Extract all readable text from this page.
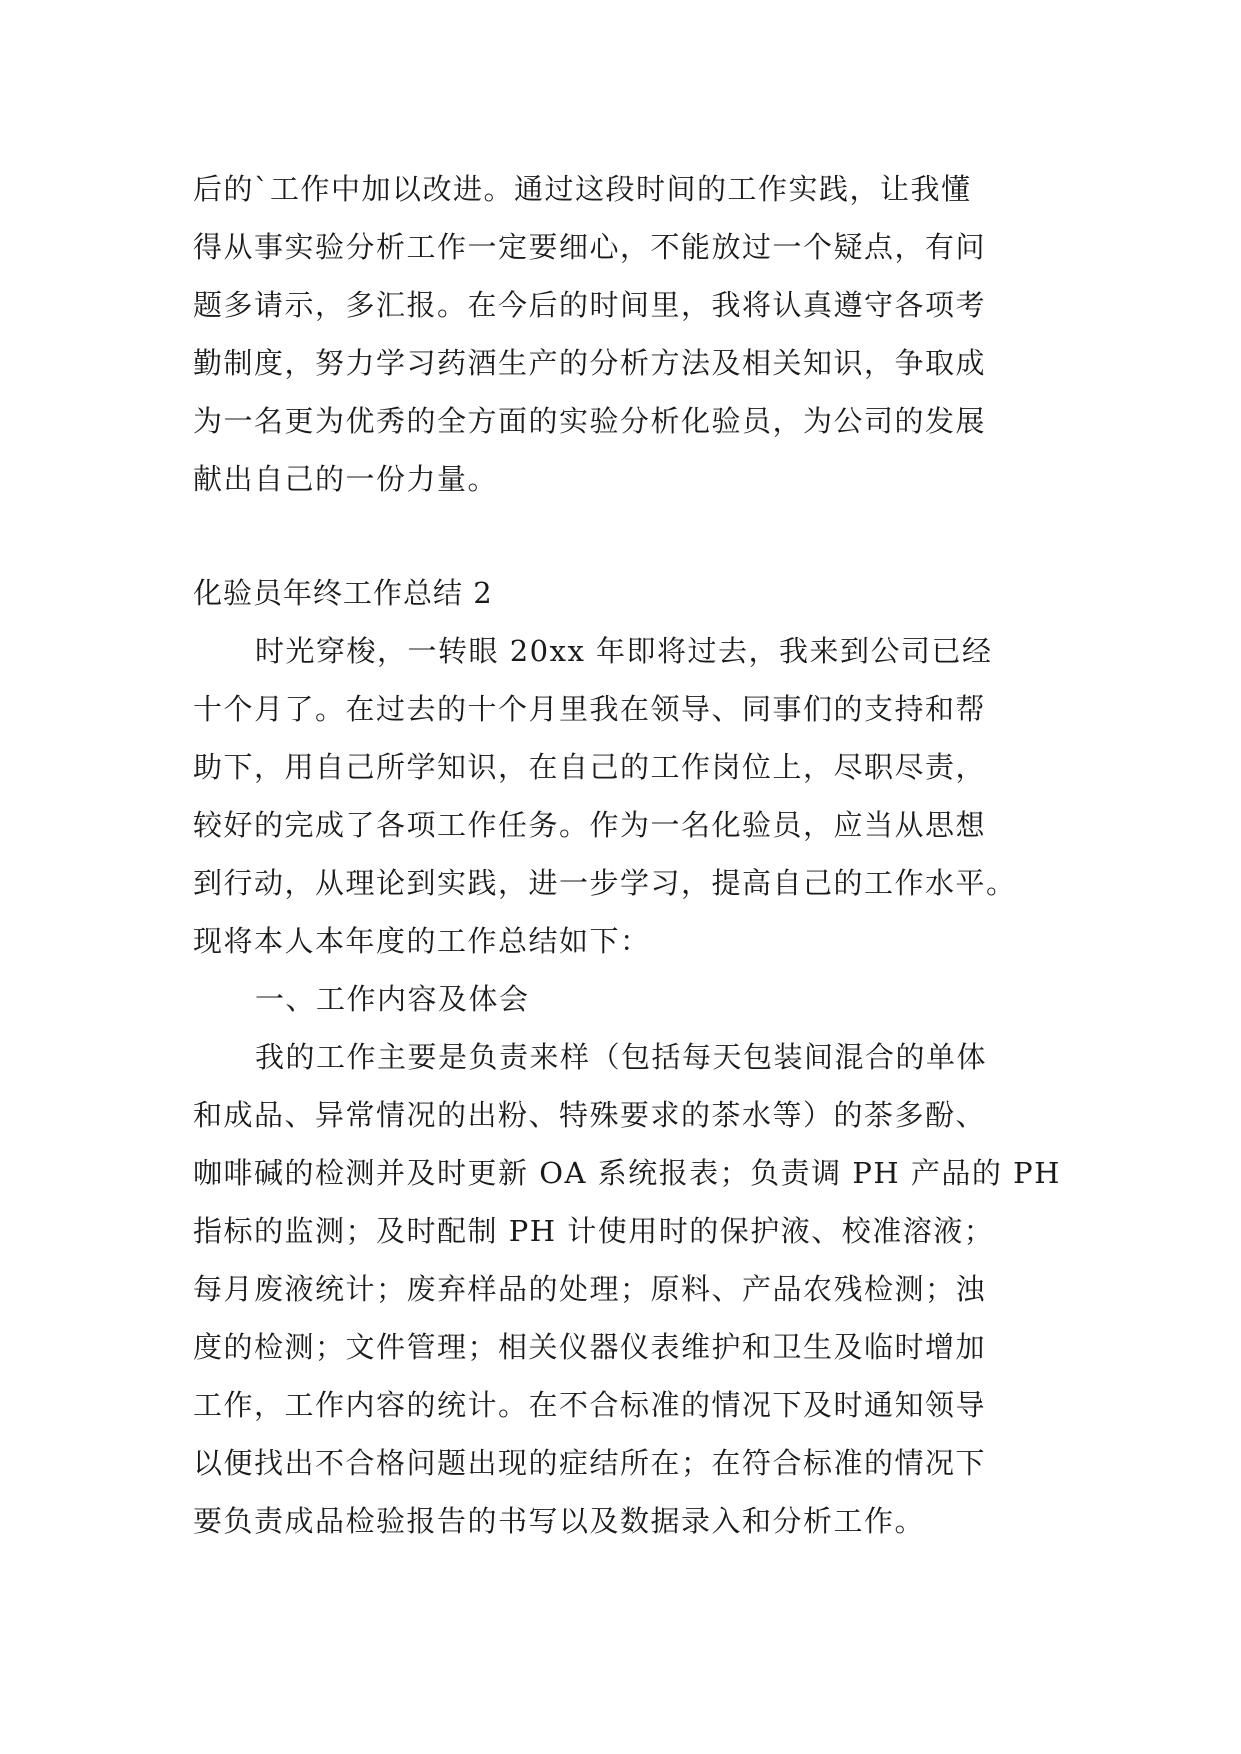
后的`工作中加以改进。通过这段时间的工作实践，让我懂
得从事实验分析工作一定要细心，不能放过一个疑点，有问
题多请示，多汇报。在今后的时间里，我将认真遵守各项考
勤制度，努力学习药酒生产的分析方法及相关知识，争取成
为一名更为优秀的全方面的实验分析化验员，为公司的发展
献出自己的一份力量。
化验员年终工作总结 2
时光穿梭，一转眼 20xx 年即将过去，我来到公司已经
十个月了。在过去的十个月里我在领导、同事们的支持和帮
助下，用自己所学知识，在自己的工作岗位上，尽职尽责，
较好的完成了各项工作任务。作为一名化验员，应当从思想
到行动，从理论到实践，进一步学习，提高自己的工作水平。
现将本人本年度的工作总结如下：
一、工作内容及体会
我的工作主要是负责来样（包括每天包装间混合的单体
和成品、异常情况的出粉、特殊要求的茶水等）的茶多酚、
咖啡碱的检测并及时更新 OA 系统报表；负责调 PH 产品的 PH
指标的监测；及时配制 PH 计使用时的保护液、校准溶液；
每月废液统计；废弃样品的处理；原料、产品农残检测；浊
度的检测；文件管理；相关仪器仪表维护和卫生及临时增加
工作，工作内容的统计。在不合标准的情况下及时通知领导
以便找出不合格问题出现的症结所在；在符合标准的情况下
要负责成品检验报告的书写以及数据录入和分析工作。
